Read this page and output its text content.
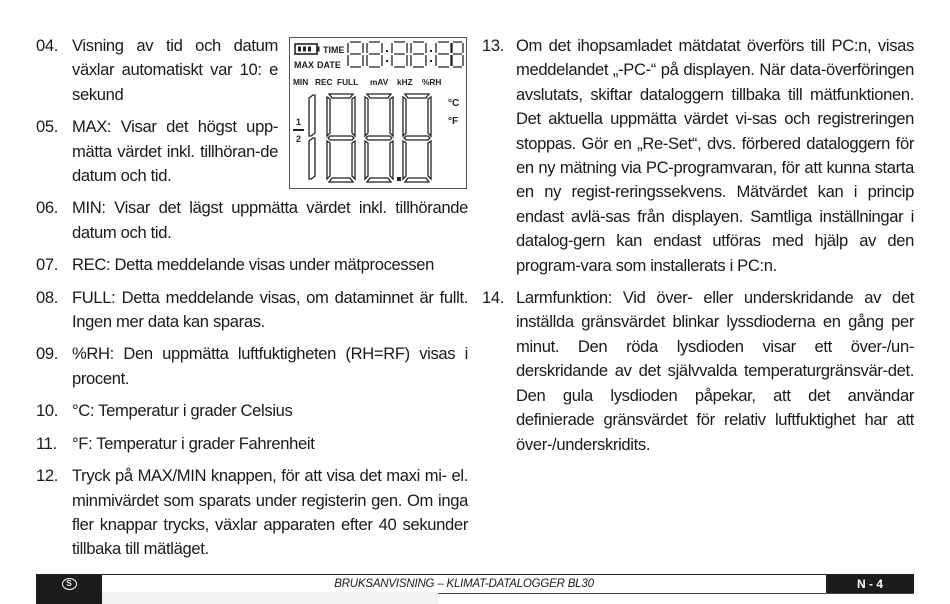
04. Visning av tid och datum växlar automatiskt var 10: e sekund
05. MAX: Visar det högst upp-mätta värdet inkl. tillhöran-de datum och tid.
06. MIN: Visar det lägst uppmätta värdet inkl. tillhörande datum och tid.
07. REC: Detta meddelande visas under mätprocessen
08. FULL: Detta meddelande visas, om dataminnet är fullt. Ingen mer data kan sparas.
09. %RH: Den uppmätta luftfuktigheten (RH=RF) visas i procent.
10. °C: Temperatur i grader Celsius
11. °F: Temperatur i grader Fahrenheit
12. Tryck på MAX/MIN knappen, för att visa det maxi mi- el. minmivärdet som sparats under registerin gen. Om inga fler knappar trycks, växlar apparaten efter 40 sekunder tillbaka till mätläget.
TIME
MAX DATE
MIN REC FULL mAV kHZ %RH
°C
°F
1
2
13. Om det ihopsamladet mätdatat överförs till PC:n, visas meddelandet „-PC-“ på displayen. När data-överföringen avslutats, skiftar dataloggern tillbaka till mätfunktionen. Det aktuella uppmätta värdet vi-sas och registreringen stoppas. Gör en „Re-Set“, dvs. förbered dataloggern för en ny mätning via PC-programvaran, för att kunna starta en ny regist-reringssekvens. Mätvärdet kan i princip endast avlä-sas från displayen. Samtliga inställningar i datalog-gern kan endast utföras med hjälp av den program-vara som installerats i PC:n.
14. Larmfunktion: Vid över- eller underskridande av det inställda gränsvärdet blinkar lyssdioderna en gång per minut. Den röda lysdioden visar ett över-/un-derskridande av det självvalda temperaturgränsvär-det. Den gula lysdioden påpekar, att det användar definierade gränsvärdet för relativ luftfuktighet har att över-/underskridits.
S	BRUKSANVISNING – KLIMAT-DATALOGGER BL30	N - 4
